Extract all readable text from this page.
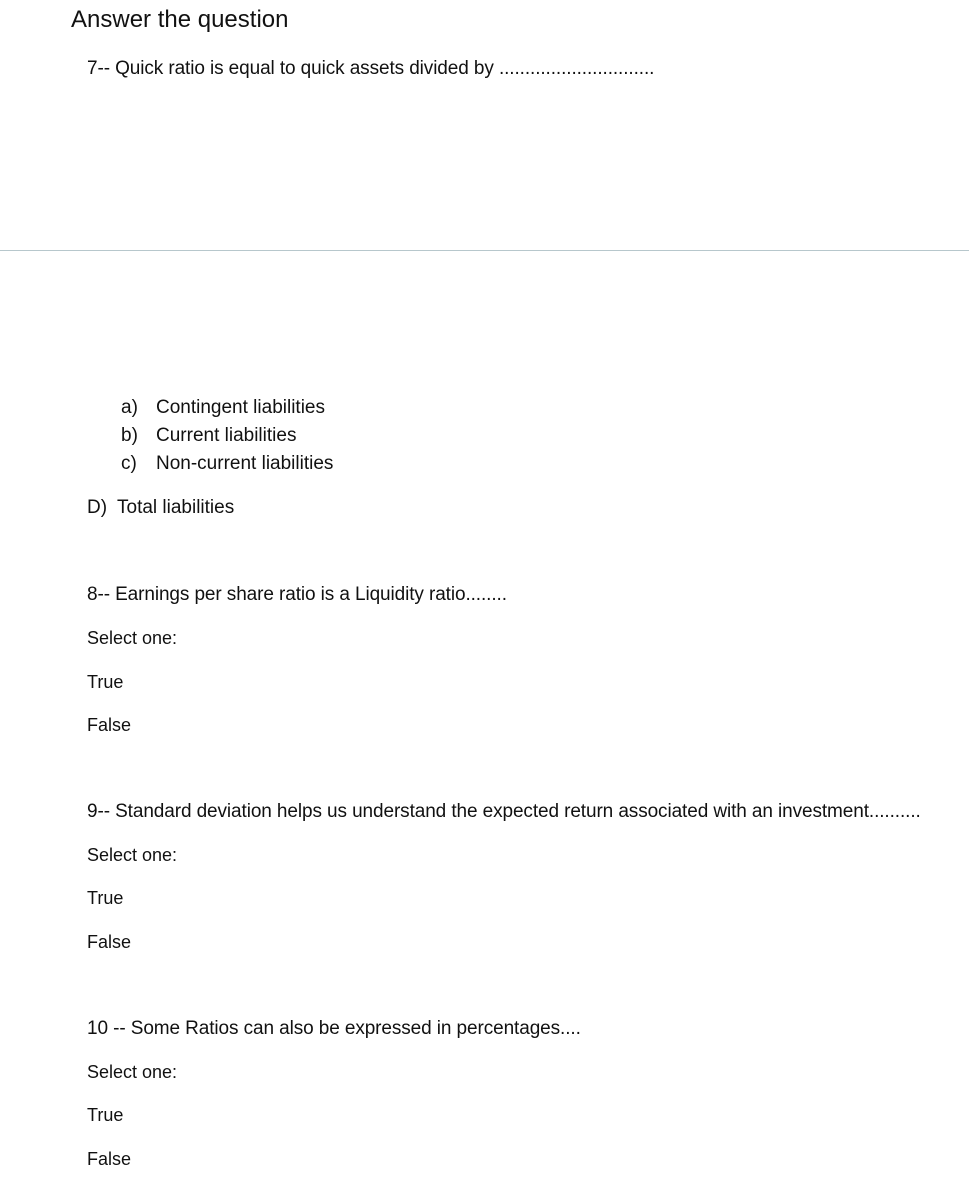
Answer the question
7-- Quick ratio is equal to quick assets divided by ..............................
a) Contingent liabilities
b) Current liabilities
c) Non-current liabilities
D) Total liabilities
8-- Earnings per share ratio is a Liquidity ratio........
Select one:
True
False
9-- Standard deviation helps us understand the expected return associated with an investment..........
Select one:
True
False
10 -- Some Ratios can also be expressed in percentages....
Select one:
True
False
